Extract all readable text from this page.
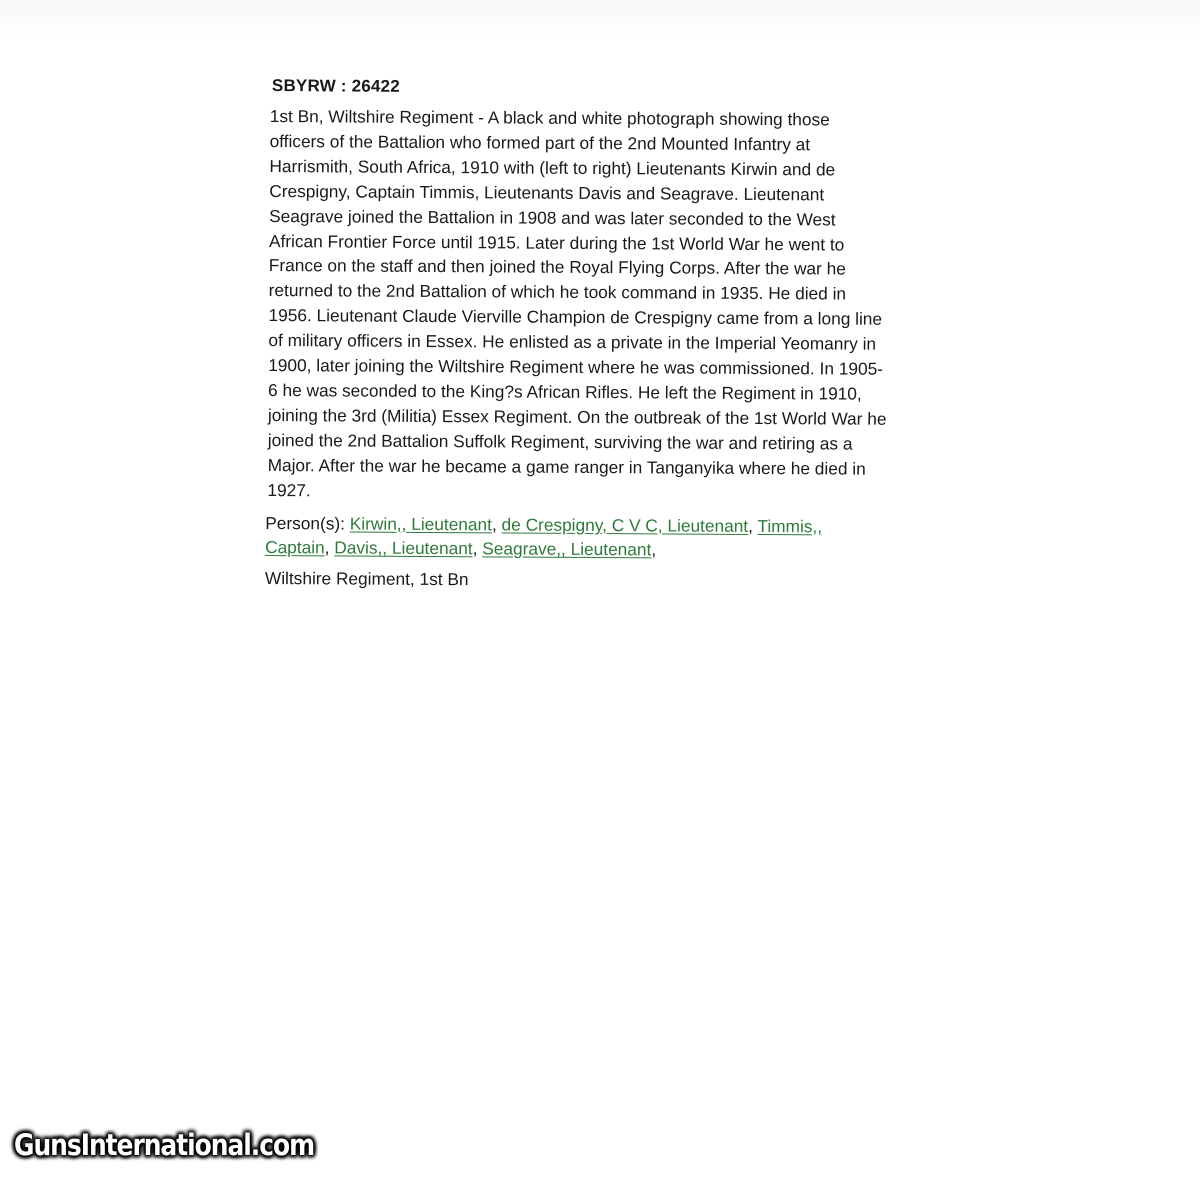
SBYRW : 26422
1st Bn, Wiltshire Regiment - A black and white photograph showing those
officers of the Battalion who formed part of the 2nd Mounted Infantry at
Harrismith, South Africa, 1910 with (left to right) Lieutenants Kirwin and de
Crespigny, Captain Timmis, Lieutenants Davis and Seagrave. Lieutenant
Seagrave joined the Battalion in 1908 and was later seconded to the West
African Frontier Force until 1915. Later during the 1st World War he went to
France on the staff and then joined the Royal Flying Corps. After the war he
returned to the 2nd Battalion of which he took command in 1935. He died in
1956. Lieutenant Claude Vierville Champion de Crespigny came from a long line
of military officers in Essex. He enlisted as a private in the Imperial Yeomanry in
1900, later joining the Wiltshire Regiment where he was commissioned. In 1905-
6 he was seconded to the King?s African Rifles. He left the Regiment in 1910,
joining the 3rd (Militia) Essex Regiment. On the outbreak of the 1st World War he
joined the 2nd Battalion Suffolk Regiment, surviving the war and retiring as a
Major. After the war he became a game ranger in Tanganyika where he died in
1927.
Person(s): Kirwin,, Lieutenant, de Crespigny, C V C, Lieutenant, Timmis,,
Captain, Davis,, Lieutenant, Seagrave,, Lieutenant,
Wiltshire Regiment, 1st Bn
GunsInternational.com
